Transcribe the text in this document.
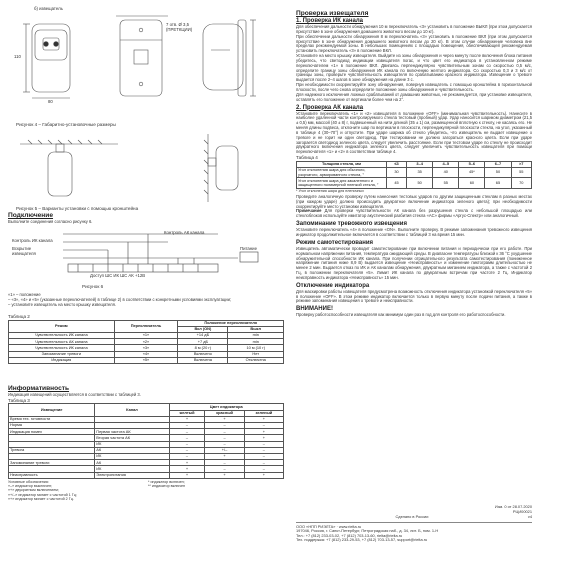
б) извещатель
110
80
7 отв. Ø 3,5
(ПРЕТКЦИИ)
Рисунок 4 – Габаритно-установочные размеры
Рисунок 5 – Варианты установки с помощью кронштейна
Подключение
Выполните соединения согласно рисунку 6.
Контроль АК канала
Контроль ИК канала
Вскрытие
извещателя
Питание
Доступ ШС ИК ШС АК +12В
Рисунок 6
«1» – положение
– «3», «4» и «5» (указанные переключателей) в таблице 2) в соответствии с конкретными условиями эксплуатации;
– установите извещатель на место крышку извещателя.
Таблица 2
Режим	Переключатель	Положение переключателя	
		Вкл (ON)	Выкл
Чувствительность ИК канала	«1»	+14 дБ	min
Чувствительность АК канала	«2»	+7 дБ	min
Чувствительность ИК канала	«3»	8 м (20 г)	10 м (10 г)
Запоминание тревоги	«4»	Включено	Нет
Индикация	«5»	Включена	Отключена
Информативность
Индикация извещений осуществляется в соответствии с таблицей 3.
Таблица 3
Извещение	Канал	Цвет индикатора		
		желтый	красный	зеленый
Время тех. готовности		+	+	+
Норма		–	–	–
Индикация помех	Первая частота АК	–	–	+
	Вторая частота АК	–	–	+
	ИК	–	–	–
Тревога	АК	–	+/–	–
	ИК	–	+	–
Запоминание тревоги	АК	+	–	–
	ИК	+	–	–
Неисправность	Электропитания	+	+	+
Условные обозначения:
«–» индикатор выключен;
«+» двукратным включением;
«+/–» индикатор мигает с частотой 1 Гц;
«+» индикатор мигает с частотой 2 Гц.
* индикатор включен;
** индикатор включен
Проверка извещателя
1. Проверка ИК канала
Для обеспечения дальности обнаружения 10 м переключатель «3» установить в положение ВЫКЛ (при этом допускается присутствие в зоне обнаружения домашнего животного весом до 10 кг).
При обеспечении дальности обнаружения 8 м переключатель «3» установить в положение ВКЛ (при этом допускается присутствие в зоне обнаружения домашнего животного весом до 20 кг). В этом случае обнаружение человека вне пределах рекомендуемой зоны. В небольших помещениях с площадью помещения, обеспечивающей рекомендуемая установить переключатель «3» в положение ВКЛ.
Установите на место крышку извещателя. Выйдите из зоны обнаружения и через минуту после включения блока питания убедитесь, что светодиод индикации извещателя погас, и что цвет его индикатора в установленном режиме переключателем «1» в положение ВКЛ. Двигаясь перпендикулярно чувствительным зонам со скоростью 0,5 м/с, определите границу зоны обнаружения ИК канала по включению желтого индикатора. Со скоростью 0,3 и 3 м/с от границы зоны, проверьте чувствительность извещателя по срабатыванию красного индикатора. Извещение о тревоге выдается после 2–4 шагов в зоне обнаружения на длине 3 с.
При необходимости скорректируйте зону обнаружения, повернув извещатель с помощью кронштейна в горизонтальной плоскости, после чего снова определите положение зоны обнаружения и чувствительность.
Для надежного исключения ложных срабатываний от домашних животных, не рекомендуется, при установке извещателя, оставлять его положение от вертикали более чем на 2°.
2. Проверка АК канала
Установите переключатель «1» и «2» извещателя в положение «OFF» (минимальная чувствительность). Нанесите в наиболее удаленной части контролируемого стекла тестовый (пробный) удар. Удар наносится шариком диаметром (21,5 ± 0,5) мм, массой (40 ± 8) г, подвешенный на нити длиной (35 ± 1) см, размещенной вплотную к стеклу, не касаясь его. Не меняя длины подвеса, отклоните шар по вертикали в плоскости, перпендикулярной плоскости стекла, на угол, указанный в таблице 4 (30–70°) и отпустите. При ударе шарика об стекло убедитесь, что извещатель не выдает извещение о тревоге и не горит ни один светодиод. При тестировании не должно загораться красного цвета. Если при ударе загорается светодиод зеленого цвета, следует увеличить расстояние. Если при тестовом ударе по стеклу не происходит двукратного включения индикатора зеленого цвета, следует увеличить чувствительность извещателя при помощи переключателя «1» и «2» в соответствии таблице 4.
Таблица 4
Толщина стекла, мм	≤3	3–4	4–5	5–6	6–7	>7
Угол отклонения шара для обычного, узорчатого, армированного стекла, °	30	35	40	45*	50	55
Угол отклонения шара для закаленного и защищенного полимерной пленкой стекла, °	45	50	55	60	65	70
* Угол отклонения шара для пленочных
Проведите аналогичную проверку путем нанесения тестовых ударов по другим защищенным стеклам в разных местах (при каждом ударе) должно происходить двукратное включение индикатора зеленого цвета); при необходимости скорректируйте место установки извещателя.
Примечание Для проверки чувствительности АК канала без разрушения стекла с небольшой площадью или стеклоблоков используйте имитатор акустический разбития стекла «АС» фирмы «Аргус-Спектр» или аналогичный.
Запоминание тревожного извещения
Установите переключатель «4» в положение «ON». Выполните проверку. В режиме запоминания тревожного извещения индикатор продолжительное включается в соответствии с таблицей 3 на время 15 мин.
Режим самотестирования
Извещатель автоматически проводит самотестирование при включении питания и периодически при его работе. При нормальном напряжении питания, температура ожидающей среды. В диапазоне температуры близкой к 36 °С ухудшение обнаружительной способности ИК канала. При получении отрицательного результата самотестирования (пониженное напряжение питания ниже 8,9 В) выдается извещение «Неисправность» и изменение пиктограмм длительностью не менее 2 мин. Выдается отказ по ИК и АК каналам обнаружения, двукратным миганием индикатора, а также с частотой 2 Гц, в положении переключателя «5». Лимит ИК канала по двукратным встречам при частоте 2 Гц. Индикатор неисправность индикатора «Неисправность» 15 мин.
Отключение индикатора
Для маскировки работы извещателя предусмотрена возможность отключения индикатора установкой переключателя «5» в положение «OFF». В этом режиме индикатор включается только в первую минуту после подачи питания, а также в режиме запоминания извещения о тревоге и неисправности.
ВНИМАНИЕ!
Проверку работоспособности извещателя как минимум один раз в год для контроля его работоспособности.
Изм. 0 от 28.07.2020
РЦИ00021
Сделано в России	v4
ООО «НПП РИЭЛТА» · www.rielta.ru
197046, Россия, г. Санкт-Петербург, Петроградская наб., д. 34, лит. Б, пом. 1-Н
Тел.: +7 (812) 233-03-02, +7 (812) 703-13-60, rielta@rielta.ru
Тех. поддержка: +7 (812) 233-29-53, +7 (812) 703-13-57, support@rielta.ru
